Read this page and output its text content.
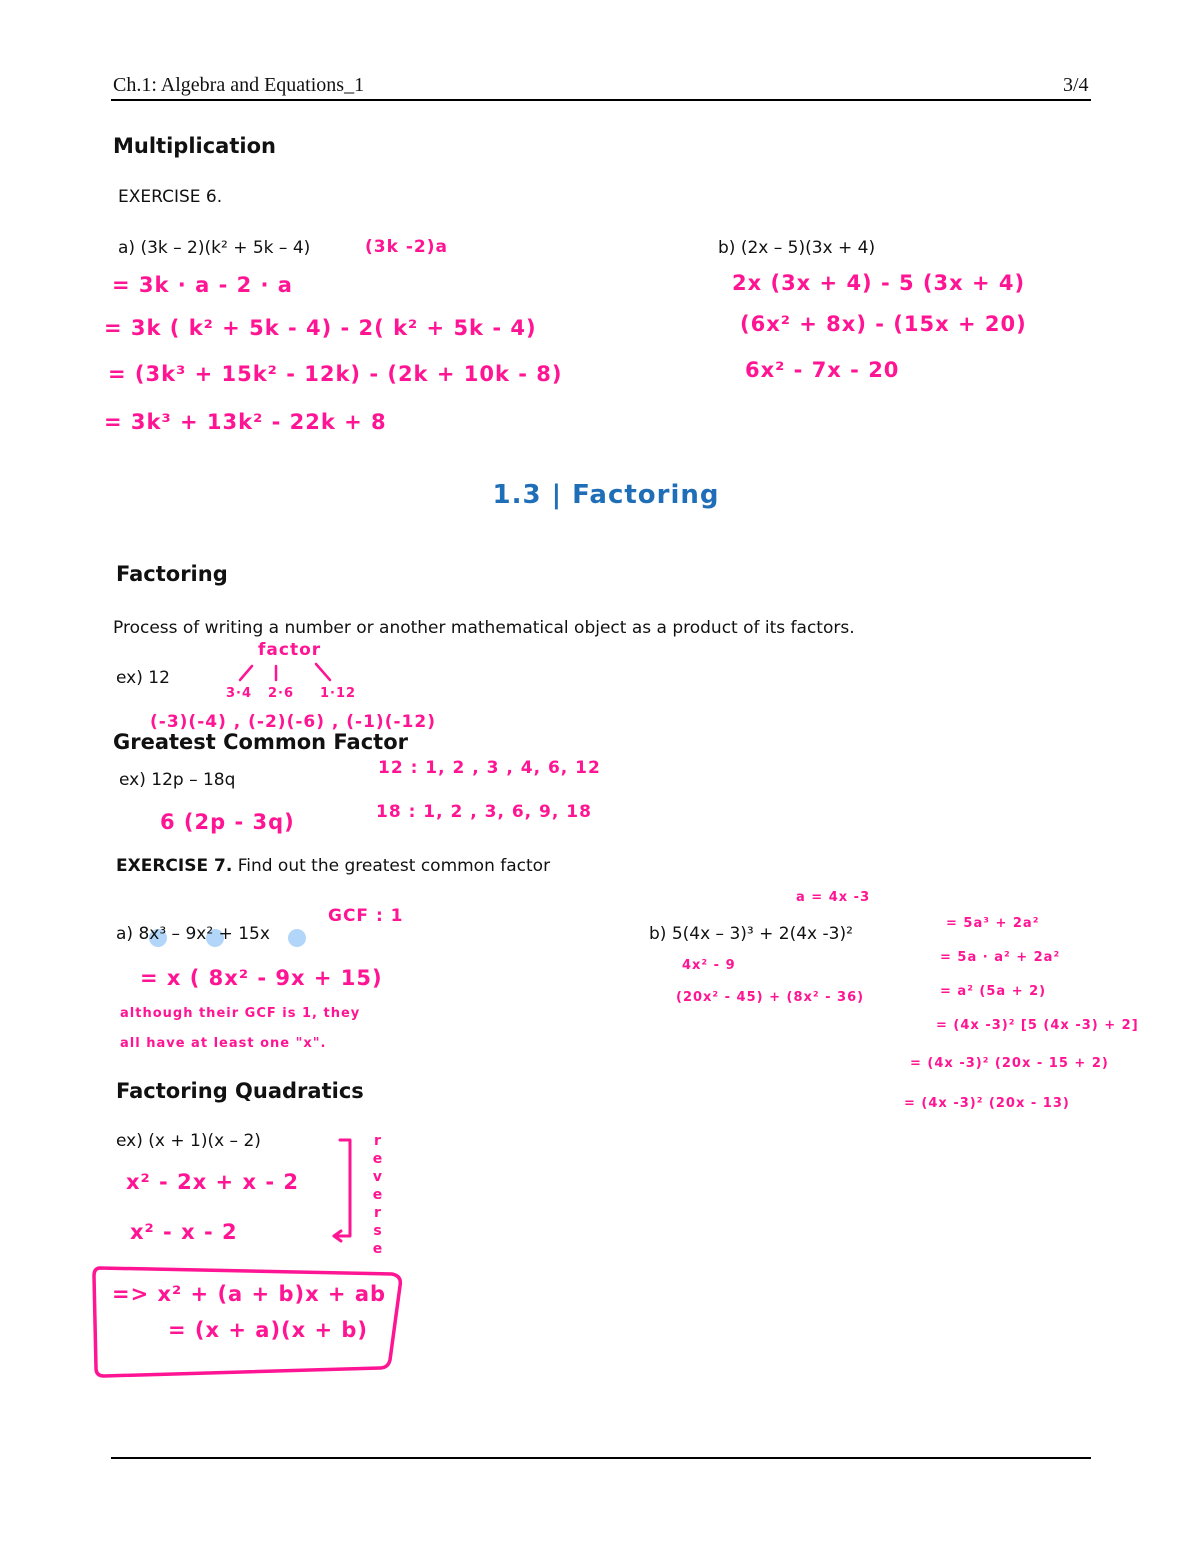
Ch.1: Algebra and Equations_1	3/4
Multiplication
EXERCISE 6.
a) (3k – 2)(k² + 5k – 4)	b) (2x – 5)(3x + 4)
(3k -2)a
= 3k · a - 2 · a
= 3k ( k² + 5k - 4) - 2( k² + 5k - 4)
= (3k³ + 15k² - 12k) - (2k + 10k - 8)
= 3k³ + 13k² - 22k + 8
2x (3x + 4) - 5 (3x + 4)
(6x² + 8x) - (15x + 20)
6x² - 7x - 20
1.3 | Factoring
Factoring
Process of writing a number or another mathematical object as a product of its factors.
ex) 12
factor
3·4 2·6 1·12
(-3)(-4) , (-2)(-6) , (-1)(-12)
Greatest Common Factor
ex) 12p – 18q
6 (2p - 3q)
12 : 1, 2 , 3 , 4, 6, 12
18 : 1, 2 , 3, 6, 9, 18
EXERCISE 7. Find out the greatest common factor
a) 8x³ – 9x² + 15x
GCF : 1
= x ( 8x² - 9x + 15)
although their GCF is 1, they
all have at least one "x".
b) 5(4x – 3)³ + 2(4x -3)²
a = 4x -3
4x² - 9
(20x² - 45) + (8x² - 36)
= 5a³ + 2a²
= 5a · a² + 2a²
= a² (5a + 2)
= (4x -3)² [5 (4x -3) + 2]
= (4x -3)² (20x - 15 + 2)
= (4x -3)² (20x - 13)
Factoring Quadratics
ex) (x + 1)(x – 2)
x² - 2x + x - 2
x² - x - 2
r
e
v
e
r
s
e
=> x² + (a + b)x + ab
= (x + a)(x + b)
